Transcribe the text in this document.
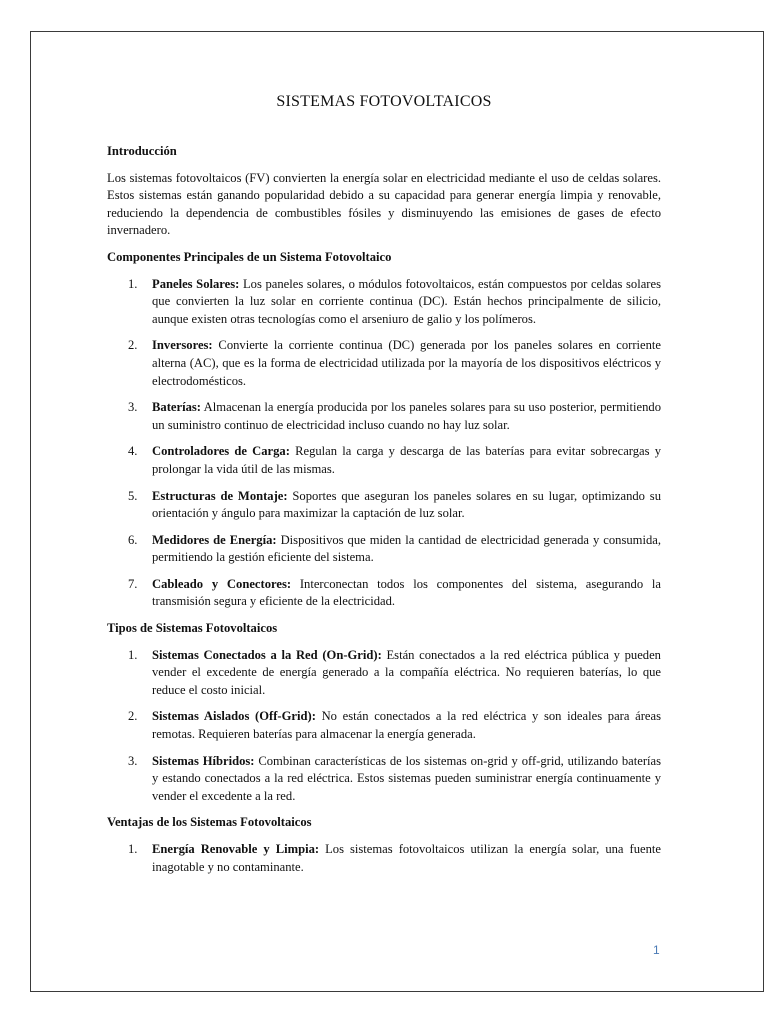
SISTEMAS FOTOVOLTAICOS
Introducción

Los sistemas fotovoltaicos (FV) convierten la energía solar en electricidad mediante el uso de celdas solares. Estos sistemas están ganando popularidad debido a su capacidad para generar energía limpia y renovable, reduciendo la dependencia de combustibles fósiles y disminuyendo las emisiones de gases de efecto invernadero.

Componentes Principales de un Sistema Fotovoltaico
1. Paneles Solares: Los paneles solares, o módulos fotovoltaicos, están compuestos por celdas solares que convierten la luz solar en corriente continua (DC). Están hechos principalmente de silicio, aunque existen otras tecnologías como el arseniuro de galio y los polímeros.
2. Inversores: Convierte la corriente continua (DC) generada por los paneles solares en corriente alterna (AC), que es la forma de electricidad utilizada por la mayoría de los dispositivos eléctricos y electrodomésticos.
3. Baterías: Almacenan la energía producida por los paneles solares para su uso posterior, permitiendo un suministro continuo de electricidad incluso cuando no hay luz solar.
4. Controladores de Carga: Regulan la carga y descarga de las baterías para evitar sobrecargas y prolongar la vida útil de las mismas.
5. Estructuras de Montaje: Soportes que aseguran los paneles solares en su lugar, optimizando su orientación y ángulo para maximizar la captación de luz solar.
6. Medidores de Energía: Dispositivos que miden la cantidad de electricidad generada y consumida, permitiendo la gestión eficiente del sistema.
7. Cableado y Conectores: Interconectan todos los componentes del sistema, asegurando la transmisión segura y eficiente de la electricidad.
Tipos de Sistemas Fotovoltaicos
1. Sistemas Conectados a la Red (On-Grid): Están conectados a la red eléctrica pública y pueden vender el excedente de energía generado a la compañía eléctrica. No requieren baterías, lo que reduce el costo inicial.
2. Sistemas Aislados (Off-Grid): No están conectados a la red eléctrica y son ideales para áreas remotas. Requieren baterías para almacenar la energía generada.
3. Sistemas Híbridos: Combinan características de los sistemas on-grid y off-grid, utilizando baterías y estando conectados a la red eléctrica. Estos sistemas pueden suministrar energía continuamente y vender el excedente a la red.
Ventajas de los Sistemas Fotovoltaicos
1. Energía Renovable y Limpia: Los sistemas fotovoltaicos utilizan la energía solar, una fuente inagotable y no contaminante.
1
